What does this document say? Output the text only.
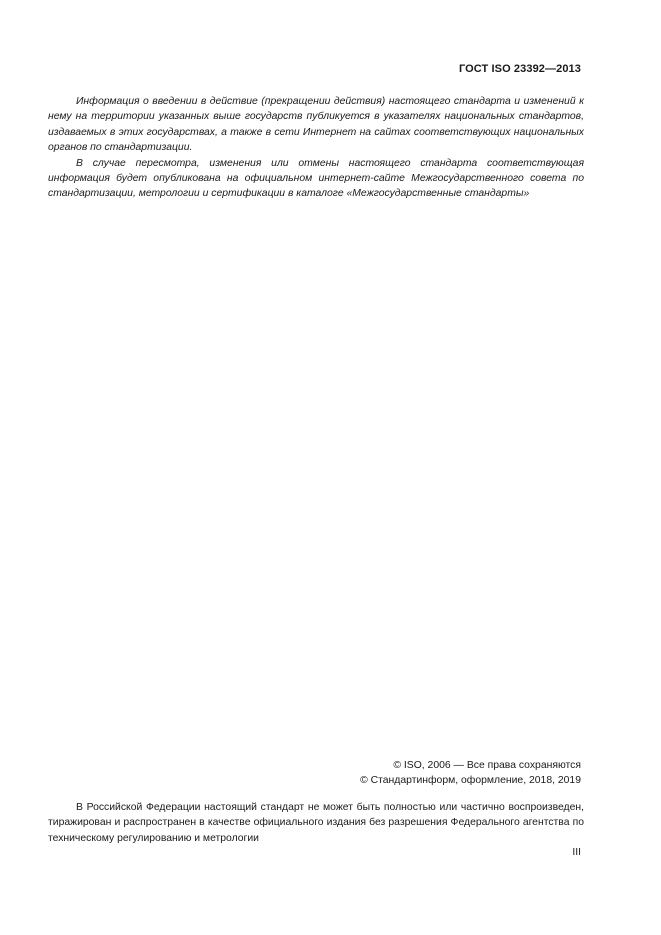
ГОСТ ISO 23392—2013

Информация о введении в действие (прекращении действия) настоящего стандарта и изменений к нему на территории указанных выше государств публикуется в указателях национальных стандартов, издаваемых в этих государствах, а также в сети Интернет на сайтах соответствующих национальных органов по стандартизации.

В случае пересмотра, изменения или отмены настоящего стандарта соответствующая информация будет опубликована на официальном интернет-сайте Межгосударственного совета по стандартизации, метрологии и сертификации в каталоге «Межгосударственные стандарты»

© ISO, 2006 — Все права сохраняются
© Стандартинформ, оформление, 2018, 2019

В Российской Федерации настоящий стандарт не может быть полностью или частично воспроизведен, тиражирован и распространен в качестве официального издания без разрешения Федерального агентства по техническому регулированию и метрологии

III
